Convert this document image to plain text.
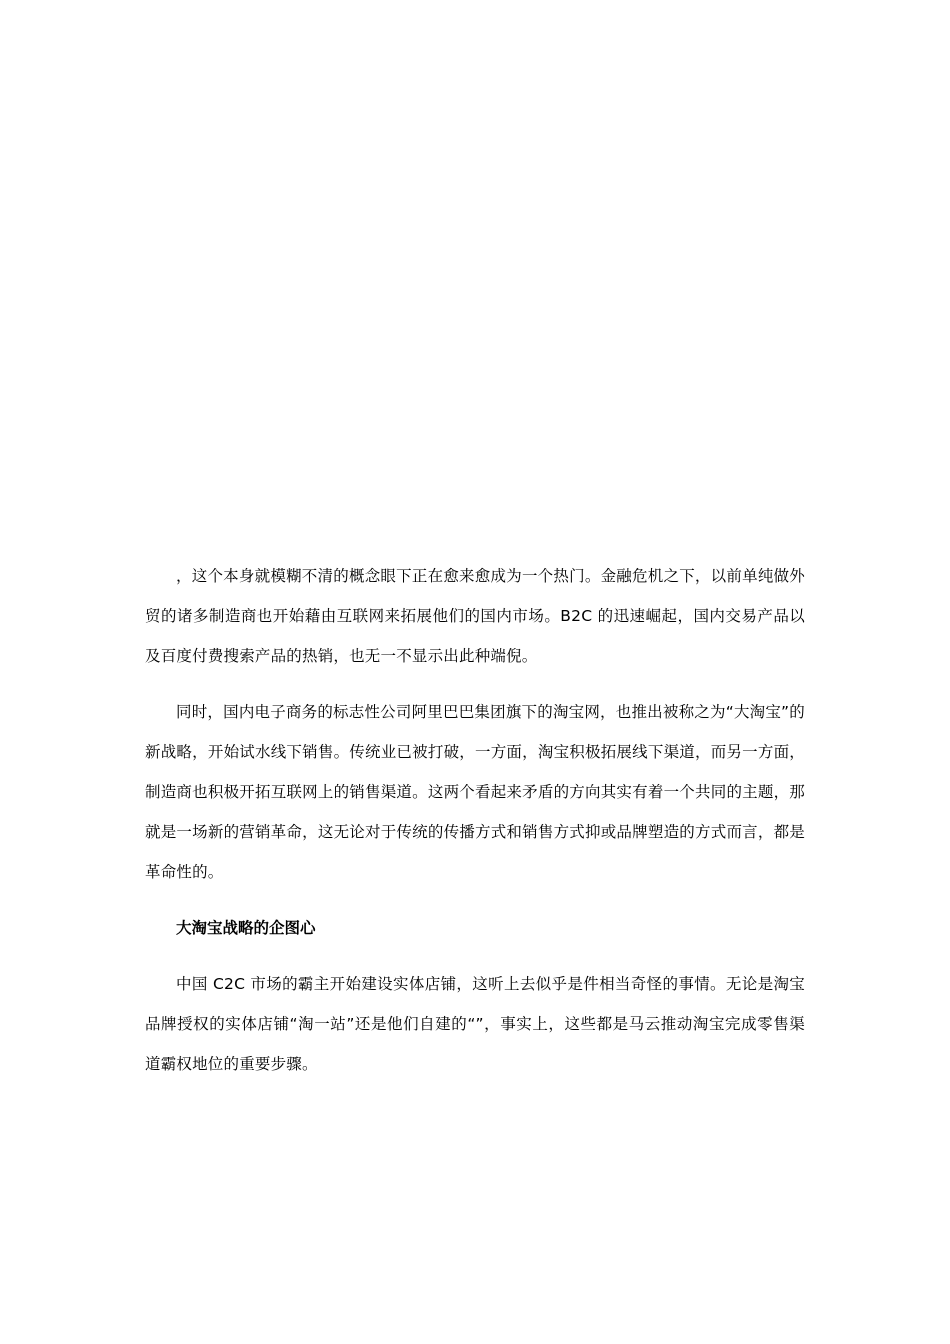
，这个本身就模糊不清的概念眼下正在愈来愈成为一个热门。金融危机之下，以前单纯做外贸的诸多制造商也开始藉由互联网来拓展他们的国内市场。B2C 的迅速崛起，国内交易产品以及百度付费搜索产品的热销，也无一不显示出此种端倪。

同时，国内电子商务的标志性公司阿里巴巴集团旗下的淘宝网，也推出被称之为“大淘宝”的新战略，开始试水线下销售。传统业已被打破，一方面，淘宝积极拓展线下渠道，而另一方面，制造商也积极开拓互联网上的销售渠道。这两个看起来矛盾的方向其实有着一个共同的主题，那就是一场新的营销革命，这无论对于传统的传播方式和销售方式抑或品牌塑造的方式而言，都是革命性的。

大淘宝战略的企图心

中国 C2C 市场的霸主开始建设实体店铺，这听上去似乎是件相当奇怪的事情。无论是淘宝品牌授权的实体店铺“淘一站”还是他们自建的“”，事实上，这些都是马云推动淘宝完成零售渠道霸权地位的重要步骤。
